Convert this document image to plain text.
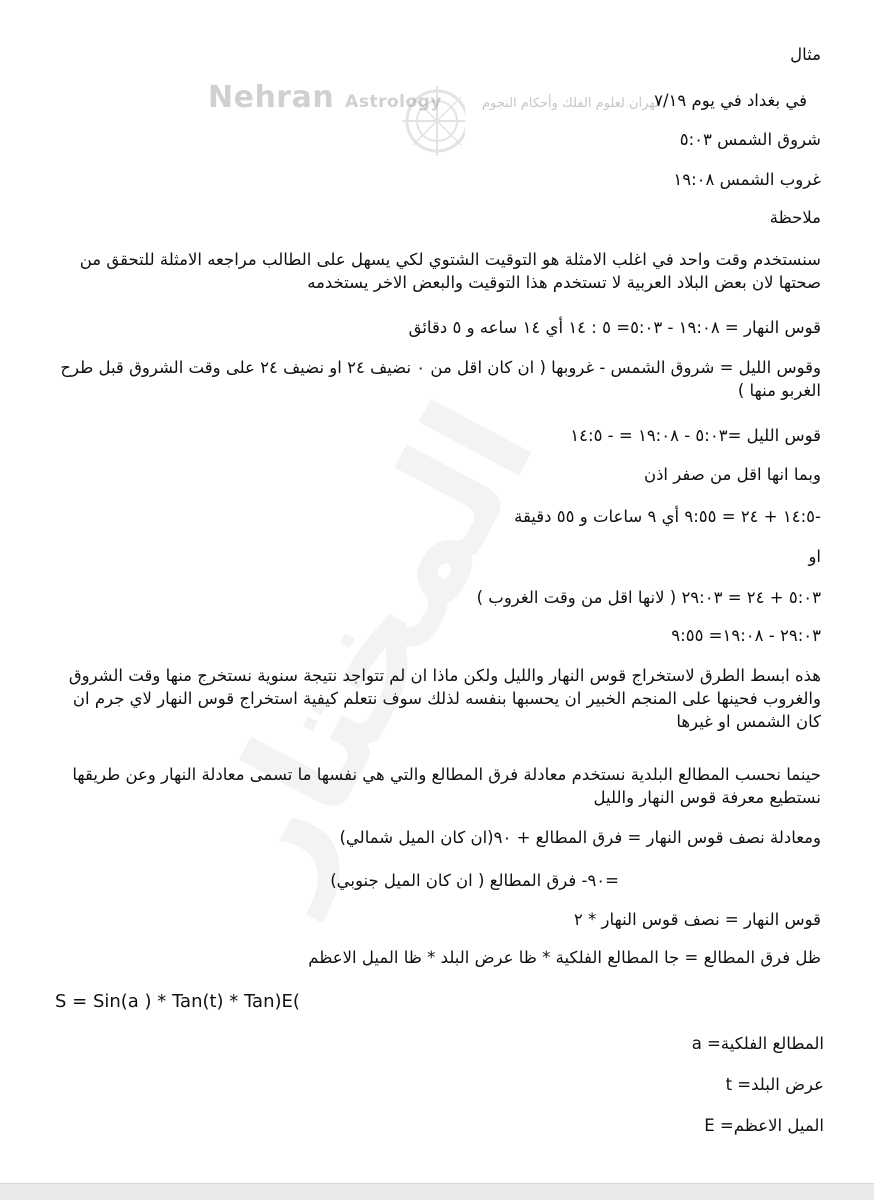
Nehran Astrology	نهران لعلوم الفلك وأحكام النجوم
مثال
في بغداد في يوم ٧/١٩
شروق الشمس ٥:٠٣
غروب الشمس ١٩:٠٨
ملاحظة
سنستخدم وقت واحد في اغلب الامثلة هو التوقيت الشتوي لكي يسهل على الطالب مراجعه الامثلة للتحقق من صحتها لان بعض البلاد العربية لا تستخدم هذا التوقيت والبعض الاخر يستخدمه
قوس النهار = ١٩:٠٨ - ٥:٠٣= ٥ : ١٤ أي ١٤ ساعه و ٥ دقائق
وقوس الليل = شروق الشمس - غروبها ( ان كان اقل من ٠ نضيف ٢٤ او نضيف ٢٤ على وقت الشروق قبل طرح الغربو منها )
قوس الليل =٥:٠٣ - ١٩:٠٨ = - ١٤:٥
وبما انها اقل من صفر اذن
-١٤:٥ + ٢٤ = ٩:٥٥ أي ٩ ساعات و ٥٥ دقيقة
او
٥:٠٣ + ٢٤ = ٢٩:٠٣ ( لانها اقل من وقت الغروب )
٢٩:٠٣ - ١٩:٠٨= ٩:٥٥
هذه ابسط الطرق لاستخراج قوس النهار والليل ولكن ماذا ان لم تتواجد نتيجة سنوية نستخرج منها وقت الشروق والغروب فحينها على المنجم الخبير ان يحسبها بنفسه لذلك سوف نتعلم كيفية استخراج قوس النهار لاي جرم ان كان الشمس او غيرها
حينما نحسب المطالع البلدية نستخدم معادلة فرق المطالع والتي هي نفسها ما تسمى معادلة النهار وعن طريقها نستطيع معرفة قوس النهار والليل
ومعادلة نصف قوس النهار = فرق المطالع + ٩٠(ان كان الميل شمالي)
=٩٠- فرق المطالع ( ان كان الميل جنوبي)
قوس النهار = نصف قوس النهار * ٢
ظل فرق المطالع = جا المطالع الفلكية * ظا عرض البلد * ظا الميل الاعظم
S = Sin(a ) * Tan(t) * Tan)E(
a =المطالع الفلكية
t =عرض البلد
E =الميل الاعظم
